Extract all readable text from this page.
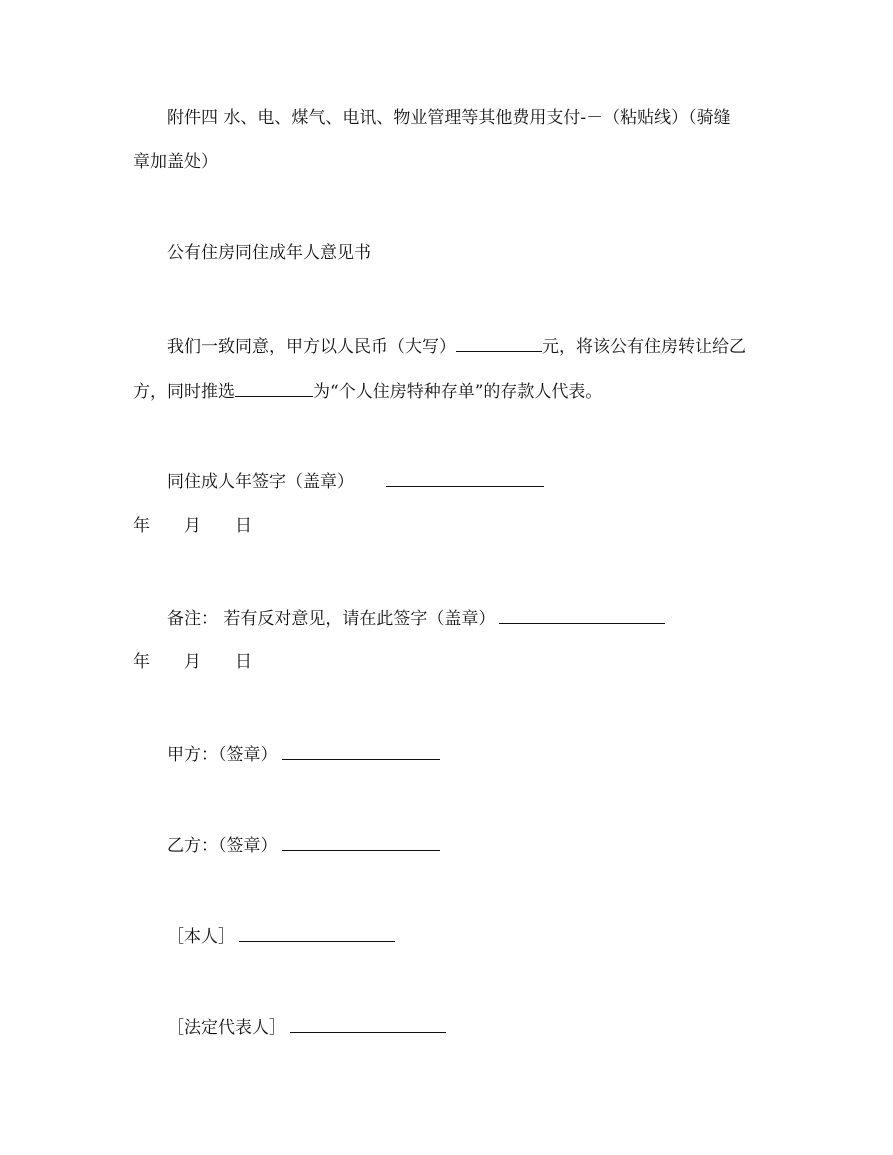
附件四 水、电、煤气、电讯、物业管理等其他费用支付-－（粘贴线）（骑缝
章加盖处）
公有住房同住成年人意见书
我们一致同意，甲方以人民币（大写）	元，将该公有住房转让给乙
方，同时推选	为“个人住房特种存单”的存款人代表。
同住成人年签字（盖章）
年 月 日
备注： 若有反对意见，请在此签字（盖章）
年 月 日
甲方：（签章）
乙方：（签章）
［本人］
［法定代表人］
